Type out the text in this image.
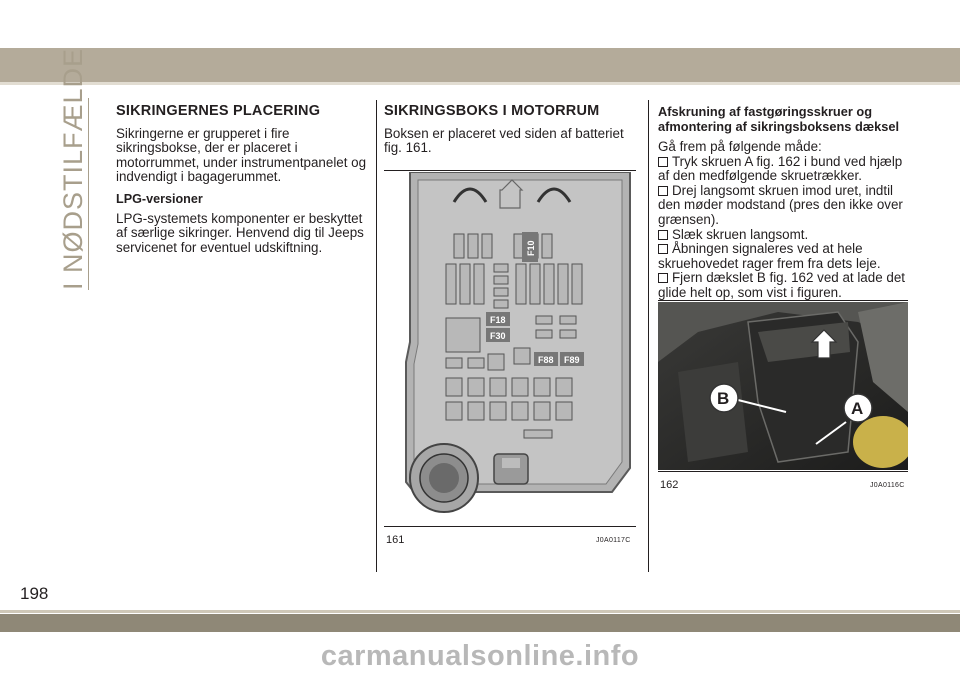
I NØDSTILFÆLDE SIKRINGERNES PLACERING
Sikringerne er grupperet i fire sikringsbokse, der er placeret i motorrummet, under instrumentpanelet og indvendigt i bagagerummet.
LPG-versioner
LPG-systemets komponenter er beskyttet af særlige sikringer. Henvend dig til Jeeps servicenet for eventuel udskiftning.
SIKRINGSBOKS I MOTORRUM
Boksen er placeret ved siden af batteriet fig. 161.
F10
F18
F30
F88 F89
161	J0A0117C
Afskruning af fastgøringsskruer og afmontering af sikringsboksens dæksel
Gå frem på følgende måde:
Tryk skruen A fig. 162 i bund ved hjælp af den medfølgende skruetrækker.
Drej langsomt skruen imod uret, indtil den møder modstand (pres den ikke over grænsen).
Slæk skruen langsomt.
Åbningen signaleres ved at hele skruehovedet rager frem fra dets leje.
Fjern dækslet B fig. 162 ved at lade det glide helt op, som vist i figuren.
B
A
162	J0A0116C
198
carmanualsonline.info
